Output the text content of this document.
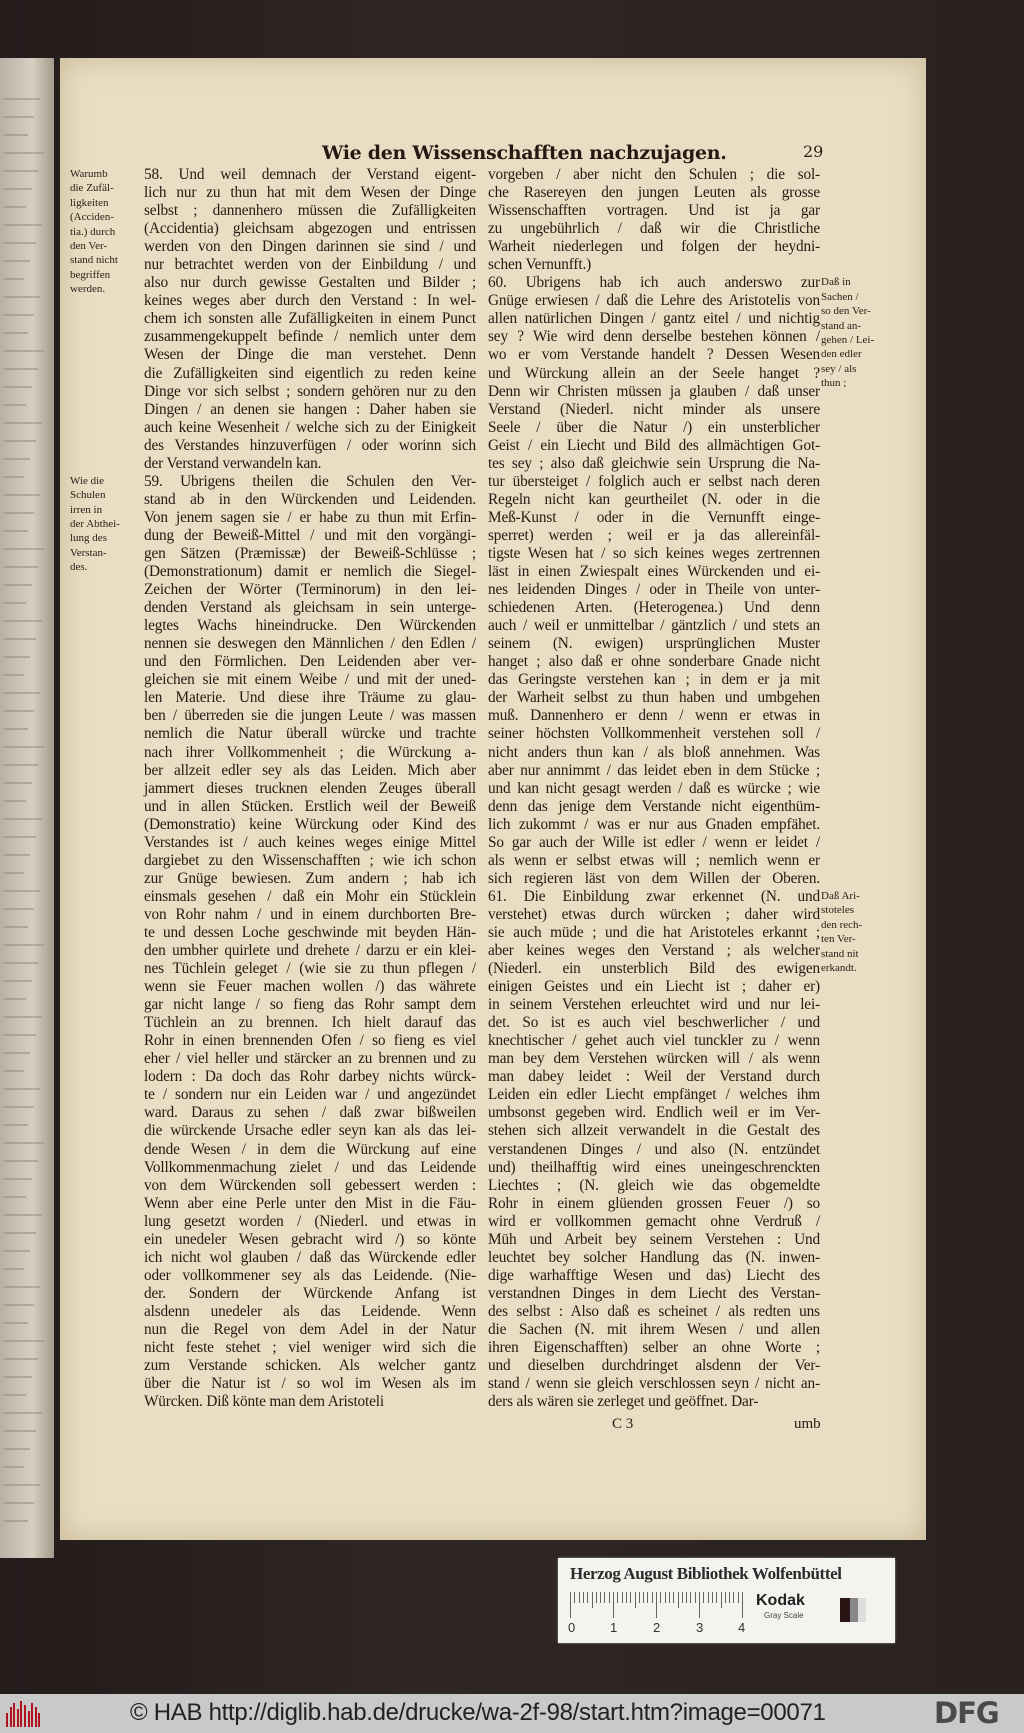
Wie den Wissenschafften nachzujagen.	29
58. Und weil demnach der Verstand eigent-
lich nur zu thun hat mit dem Wesen der Dinge
selbst ; dannenhero müssen die Zufälligkeiten
(Accidentia) gleichsam abgezogen und entrissen
werden von den Dingen darinnen sie sind / und
nur betrachtet werden von der Einbildung / und
also nur durch gewisse Gestalten und Bilder ;
keines weges aber durch den Verstand : In wel-
chem ich sonsten alle Zufälligkeiten in einem Punct
zusammengekuppelt befinde / nemlich unter dem
Wesen der Dinge die man verstehet. Denn
die Zufälligkeiten sind eigentlich zu reden keine
Dinge vor sich selbst ; sondern gehören nur zu den
Dingen / an denen sie hangen : Daher haben sie
auch keine Wesenheit / welche sich zu der Einigkeit
des Verstandes hinzuverfügen / oder worinn sich
der Verstand verwandeln kan.
59. Ubrigens theilen die Schulen den Ver-
stand ab in den Würckenden und Leidenden.
Von jenem sagen sie / er habe zu thun mit Erfin-
dung der Beweiß-Mittel / und mit den vorgängi-
gen Sätzen (Præmissæ) der Beweiß-Schlüsse ;
(Demonstrationum) damit er nemlich die Siegel-
Zeichen der Wörter (Terminorum) in den lei-
denden Verstand als gleichsam in sein unterge-
legtes Wachs hineindrucke. Den Würckenden
nennen sie deswegen den Männlichen / den Edlen /
und den Förmlichen. Den Leidenden aber ver-
gleichen sie mit einem Weibe / und mit der uned-
len Materie. Und diese ihre Träume zu glau-
ben / überreden sie die jungen Leute / was massen
nemlich die Natur überall würcke und trachte
nach ihrer Vollkommenheit ; die Würckung a-
ber allzeit edler sey als das Leiden. Mich aber
jammert dieses trucknen elenden Zeuges überall
und in allen Stücken. Erstlich weil der Beweiß
(Demonstratio) keine Würckung oder Kind des
Verstandes ist / auch keines weges einige Mittel
dargiebet zu den Wissenschafften ; wie ich schon
zur Gnüge bewiesen. Zum andern ; hab ich
einsmals gesehen / daß ein Mohr ein Stücklein
von Rohr nahm / und in einem durchborten Bre-
te und dessen Loche geschwinde mit beyden Hän-
den umbher quirlete und drehete / darzu er ein klei-
nes Tüchlein geleget / (wie sie zu thun pflegen /
wenn sie Feuer machen wollen /) das währete
gar nicht lange / so fieng das Rohr sampt dem
Tüchlein an zu brennen. Ich hielt darauf das
Rohr in einen brennenden Ofen / so fieng es viel
eher / viel heller und stärcker an zu brennen und zu
lodern : Da doch das Rohr darbey nichts würck-
te / sondern nur ein Leiden war / und angezündet
ward. Daraus zu sehen / daß zwar bißweilen
die würckende Ursache edler seyn kan als das lei-
dende Wesen / in dem die Würckung auf eine
Vollkommenmachung zielet / und das Leidende
von dem Würckenden soll gebessert werden :
Wenn aber eine Perle unter den Mist in die Fäu-
lung gesetzt worden / (Niederl. und etwas in
ein unedeler Wesen gebracht wird /) so könte
ich nicht wol glauben / daß das Würckende edler
oder vollkommener sey als das Leidende. (Nie-
der. Sondern der Würckende Anfang ist
alsdenn unedeler als das Leidende. Wenn
nun die Regel von dem Adel in der Natur
nicht feste stehet ; viel weniger wird sich die
zum Verstande schicken. Als welcher gantz
über die Natur ist / so wol im Wesen als im
Würcken. Diß könte man dem Aristoteli
vorgeben / aber nicht den Schulen ; die sol-
che Rasereyen den jungen Leuten als grosse
Wissenschafften vortragen. Und ist ja gar
zu ungebührlich / daß wir die Christliche
Warheit niederlegen und folgen der heydni-
schen Vernunfft.)
60. Ubrigens hab ich auch anderswo zur
Gnüge erwiesen / daß die Lehre des Aristotelis von
allen natürlichen Dingen / gantz eitel / und nichtig
sey ? Wie wird denn derselbe bestehen können /
wo er vom Verstande handelt ? Dessen Wesen
und Würckung allein an der Seele hanget ?
Denn wir Christen müssen ja glauben / daß unser
Verstand (Niederl. nicht minder als unsere
Seele / über die Natur /) ein unsterblicher
Geist / ein Liecht und Bild des allmächtigen Got-
tes sey ; also daß gleichwie sein Ursprung die Na-
tur übersteiget / folglich auch er selbst nach deren
Regeln nicht kan geurtheilet (N. oder in die
Meß-Kunst / oder in die Vernunfft einge-
sperret) werden ; weil er ja das allereinfäl-
tigste Wesen hat / so sich keines weges zertrennen
läst in einen Zwiespalt eines Würckenden und ei-
nes leidenden Dinges / oder in Theile von unter-
schiedenen Arten. (Heterogenea.) Und denn
auch / weil er unmittelbar / gäntzlich / und stets an
seinem (N. ewigen) ursprünglichen Muster
hanget ; also daß er ohne sonderbare Gnade nicht
das Geringste verstehen kan ; in dem er ja mit
der Warheit selbst zu thun haben und umbgehen
muß. Dannenhero er denn / wenn er etwas in
seiner höchsten Vollkommenheit verstehen soll /
nicht anders thun kan / als bloß annehmen. Was
aber nur annimmt / das leidet eben in dem Stücke ;
und kan nicht gesagt werden / daß es würcke ; wie
denn das jenige dem Verstande nicht eigenthüm-
lich zukommt / was er nur aus Gnaden empfähet.
So gar auch der Wille ist edler / wenn er leidet /
als wenn er selbst etwas will ; nemlich wenn er
sich regieren läst von dem Willen der Oberen.
61. Die Einbildung zwar erkennet (N. und
verstehet) etwas durch würcken ; daher wird
sie auch müde ; und die hat Aristoteles erkannt ;
aber keines weges den Verstand ; als welcher
(Niederl. ein unsterblich Bild des ewigen
einigen Geistes und ein Liecht ist ; daher er)
in seinem Verstehen erleuchtet wird und nur lei-
det. So ist es auch viel beschwerlicher / und
knechtischer / gehet auch viel tunckler zu / wenn
man bey dem Verstehen würcken will / als wenn
man dabey leidet : Weil der Verstand durch
Leiden ein edler Liecht empfänget / welches ihm
umbsonst gegeben wird. Endlich weil er im Ver-
stehen sich allzeit verwandelt in die Gestalt des
verstandenen Dinges / und also (N. entzündet
und) theilhafftig wird eines uneingeschrenckten
Liechtes ; (N. gleich wie das obgemeldte
Rohr in einem glüenden grossen Feuer /) so
wird er vollkommen gemacht ohne Verdruß /
Müh und Arbeit bey seinem Verstehen : Und
leuchtet bey solcher Handlung das (N. inwen-
dige warhafftige Wesen und das) Liecht des
verstandnen Dinges in dem Liecht des Verstan-
des selbst : Also daß es scheinet / als redten uns
die Sachen (N. mit ihrem Wesen / und allen
ihren Eigenschafften) selber an ohne Worte ;
und dieselben durchdringet alsdenn der Ver-
stand / wenn sie gleich verschlossen seyn / nicht an-
ders als wären sie zerleget und geöffnet. Dar-
Warumb
die Zufäl-
ligkeiten
(Acciden-
tia.) durch
den Ver-
stand nicht
begriffen
werden.
Wie die
Schulen
irren in
der Abthei-
lung des
Verstan-
des.
Daß in
Sachen /
so den Ver-
stand an-
gehen / Lei-
den edler
sey / als
thun ;
Daß Ari-
stoteles
den rech-
ten Ver-
stand nit
erkandt.
C 3	umb
Herzog August Bibliothek Wolfenbüttel
0	1	2	3	4
Kodak
Gray Scale
© HAB http://diglib.hab.de/drucke/wa-2f-98/start.htm?image=00071	DFG
